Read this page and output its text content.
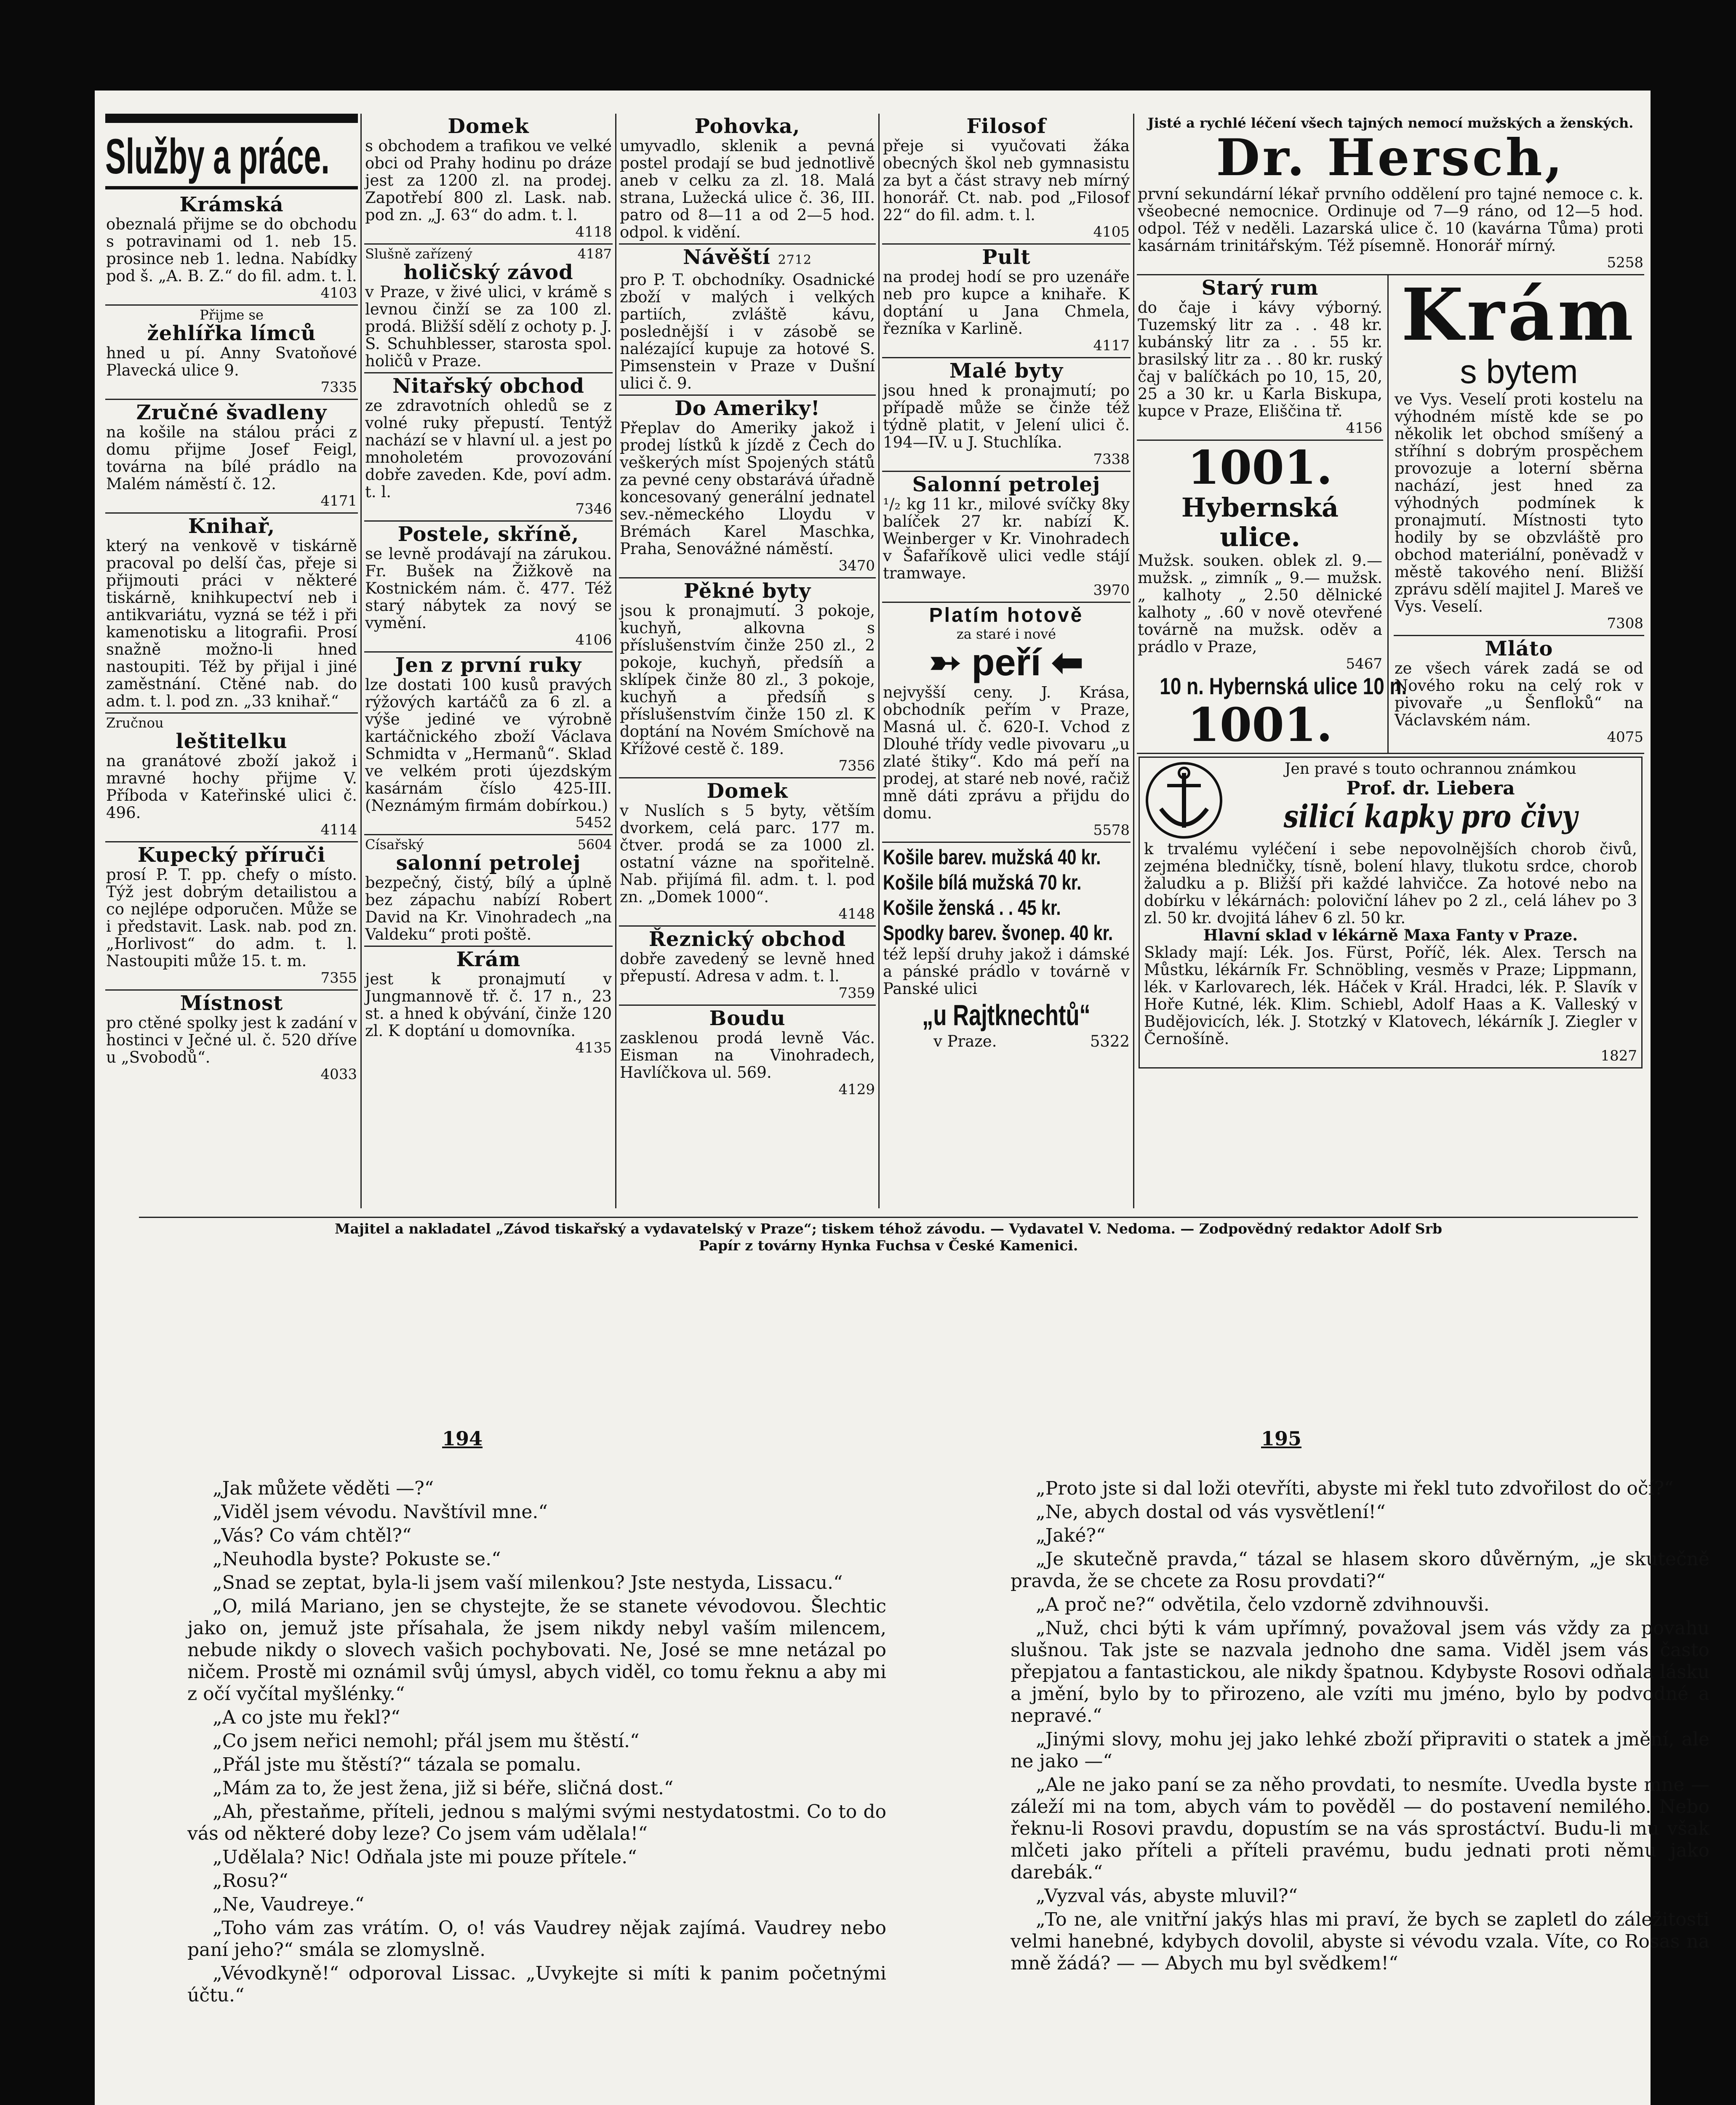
Služby a práce.
Krámská
obeznalá přijme se do obchodu s potravinami od 1. neb 15. prosince neb 1. ledna. Nabídky pod š. „A. B. Z.“ do fil. adm. t. l.
4103
Přijme se
žehlířka límců
hned u pí. Anny Svatoňové Plavecká ulice 9.
7335
Zručné švadleny
na košile na stálou práci z domu přijme Josef Feigl, továrna na bílé prádlo na Malém náměstí č. 12.
4171
Knihař,
který na venkově v tiskárně pracoval po delší čas, přeje si přijmouti práci v některé tiskárně, knihkupectví neb i antikvariátu, vyzná se též i při kamenotisku a litografii. Prosí snažně možno-li hned nastoupiti. Též by přijal i jiné zaměstnání. Ctěné nab. do adm. t. l. pod zn. „33 knihař.“
Zručnou
leštitelku
na granátové zboží jakož i mravné hochy přijme V. Příboda v Kateřinské ulici č. 496.
4114
Kupecký příruči
prosí P. T. pp. chefy o místo. Týž jest dobrým detailistou a co nejlépe odporučen. Může se i představit. Lask. nab. pod zn. „Horlivost“ do adm. t. l. Nastoupiti může 15. t. m.
7355
Místnost
pro ctěné spolky jest k zadání v hostinci v Ječné ul. č. 520 dříve u „Svobodů“.
4033
Domek
s obchodem a trafikou ve velké obci od Prahy hodinu po dráze jest za 1200 zl. na prodej. Zapotřebí 800 zl. Lask. nab. pod zn. „J. 63“ do adm. t. l.
4118
Slušně zařízený	4187
holičský závod
v Praze, v živé ulici, v krámě s levnou činží se za 100 zl. prodá. Bližší sdělí z ochoty p. J. S. Schuhblesser, starosta spol. holičů v Praze.
Nitařský obchod
ze zdravotních ohledů se z volné ruky přepustí. Tentýž nachází se v hlavní ul. a jest po mnoholetém provozování dobře zaveden. Kde, poví adm. t. l.
7346
Postele, skříně,
se levně prodávají na zárukou. Fr. Bušek na Žižkově na Kostnickém nám. č. 477. Též starý nábytek za nový se vymění.
4106
Jen z první ruky
lze dostati 100 kusů pravých rýžových kartáčů za 6 zl. a výše jediné ve výrobně kartáčnického zboží Václava Schmidta v „Hermanů“. Sklad ve velkém proti újezdským kasárnám číslo 425-III. (Neznámým firmám dobírkou.)
5452
Císařský	5604
salonní petrolej
bezpečný, čistý, bílý a úplně bez zápachu nabízí Robert David na Kr. Vinohradech „na Valdeku“ proti poště.
Krám
jest k pronajmutí v Jungmannově tř. č. 17 n., 23 st. a hned k obývání, činže 120 zl. K doptání u domovníka.
4135
Pohovka,
umyvadlo, sklenik a pevná postel prodají se bud jednotlivě aneb v celku za zl. 18. Malá strana, Lužecká ulice č. 36, III. patro od 8—11 a od 2—5 hod. odpol. k vidění.
Návěští 2712
pro P. T. obchodníky. Osadnické zboží v malých i velkých partiích, zvláště kávu, poslednější i v zásobě se nalézající kupuje za hotové S. Pimsenstein v Praze v Dušní ulici č. 9.
Do Ameriky!
Přeplav do Ameriky jakož i prodej lístků k jízdě z Čech do veškerých míst Spojených států za pevné ceny obstarává úřadně koncesovaný generální jednatel sev.-německého Lloydu v Brémách Karel Maschka, Praha, Senovážné náměstí.
3470
Pěkné byty
jsou k pronajmutí. 3 pokoje, kuchyň, alkovna s příslušenstvím činže 250 zl., 2 pokoje, kuchyň, předsíň a sklípek činže 80 zl., 3 pokoje, kuchyň a předsíň s příslušenstvím činže 150 zl. K doptání na Novém Smíchově na Křížové cestě č. 189.
7356
Domek
v Nuslích s 5 byty, větším dvorkem, celá parc. 177 m. čtver. prodá se za 1000 zl. ostatní vázne na spořitelně. Nab. přijímá fil. adm. t. l. pod zn. „Domek 1000“.
4148
Řeznický obchod
dobře zavedený se levně hned přepustí. Adresa v adm. t. l.
7359
Boudu
zasklenou prodá levně Vác. Eisman na Vinohradech, Havlíčkova ul. 569.
4129
Filosof
přeje si vyučovati žáka obecných škol neb gymnasistu za byt a část stravy neb mírný honorář. Ct. nab. pod „Filosof 22“ do fil. adm. t. l.
4105
Pult
na prodej hodí se pro uzenáře neb pro kupce a knihaře. K doptání u Jana Chmela, řezníka v Karlině.
4117
Malé byty
jsou hned k pronajmutí; po případě může se činže též týdně platit, v Jelení ulici č. 194—IV. u J. Stuchlíka.
7338
Salonní petrolej
¹/₂ kg 11 kr., milové svíčky 8ky balíček 27 kr. nabízí K. Weinberger v Kr. Vinohradech v Šafaříkově ulici vedle stájí tramwaye.
3970
Platím hotově
za staré i nové
➳ peří ⬅
nejvyšší ceny. J. Krása, obchodník peřím v Praze, Masná ul. č. 620-I. Vchod z Dlouhé třídy vedle pivovaru „u zlaté štiky“. Kdo má peří na prodej, at staré neb nové, račiž mně dáti zprávu a přijdu do domu.
5578
Košile barev. mužská 40 kr.
Košile bílá mužská 70 kr.
Košile ženská . . 45 kr.
Spodky barev. švonep. 40 kr.
též lepší druhy jakož i dámské a pánské prádlo v továrně v Panské ulici
„u Rajtknechtů“
v Praze.	5322
Jisté a rychlé léčení všech tajných nemocí mužských a ženských.
Dr. Hersch,
první sekundární lékař prvního oddělení pro tajné nemoce c. k. všeobecné nemocnice. Ordinuje od 7—9 ráno, od 12—5 hod. odpol. Též v neděli. Lazarská ulice č. 10 (kavárna Tůma) proti kasárnám trinitářským. Též písemně. Honorář mírný.
5258
Starý rum
do čaje i kávy výborný. Tuzemský litr za . . 48 kr. kubánský litr za . . 55 kr. brasilský litr za . . 80 kr. ruský čaj v balíčkách po 10, 15, 20, 25 a 30 kr. u Karla Biskupa, kupce v Praze, Eliščina tř.
4156
1001.
Hybernská ulice.
Mužsk. souken. oblek zl. 9.— mužsk. „ zimník „ 9.— mužsk. „ kalhoty „ 2.50 dělnické kalhoty „ .60 v nově otevřené továrně na mužsk. oděv a prádlo v Praze,
5467
10 n. Hybernská ulice 10 n.
1001.
Krám
s bytem
ve Vys. Veselí proti kostelu na výhodném místě kde se po několik let obchod smíšený a stříhní s dobrým prospěchem provozuje a loterní sběrna nachází, jest hned za výhodných podmínek k pronajmutí. Místnosti tyto hodily by se obzvláště pro obchod materiální, poněvadž v městě takového není. Bližší zprávu sdělí majitel J. Mareš ve Vys. Veselí.
7308
Mláto
ze všech várek zadá se od Nového roku na celý rok v pivovaře „u Šenfloků“ na Václavském nám.
4075
Jen pravé s touto ochrannou známkou
Prof. dr. Liebera
silicí kapky pro čivy
k trvalému vyléčení i sebe nepovolnějších chorob čivů, zejména bledničky, tísně, bolení hlavy, tlukotu srdce, chorob žaludku a p. Bližší při každé lahvičce. Za hotové nebo na dobírku v lékárnách: poloviční láhev po 2 zl., celá láhev po 3 zl. 50 kr. dvojitá láhev 6 zl. 50 kr.
Hlavní sklad v lékárně Maxa Fanty v Praze.
Sklady mají: Lék. Jos. Fürst, Poříč, lék. Alex. Tersch na Můstku, lékárník Fr. Schnöbling, vesměs v Praze; Lippmann, lék. v Karlovarech, lék. Háček v Král. Hradci, lék. P. Slavík v Hoře Kutné, lék. Klim. Schiebl, Adolf Haas a K. Valleský v Budějovicích, lék. J. Stotzký v Klatovech, lékárník J. Ziegler v Černošíně.
1827
Majitel a nakladatel „Závod tiskařský a vydavatelský v Praze“; tiskem téhož závodu. — Vydavatel V. Nedoma. — Zodpovědný redaktor Adolf Srb
Papír z továrny Hynka Fuchsa v České Kamenici.
194	195

„Jak můžete věděti —?“

„Viděl jsem vévodu. Navštívil mne.“

„Vás? Co vám chtěl?“

„Neuhodla byste? Pokuste se.“

„Snad se zeptat, byla-li jsem vaší milenkou? Jste nestyda, Lissacu.“

„O, milá Mariano, jen se chystejte, že se stanete vévodovou. Šlechtic jako on, jemuž jste přísahala, že jsem nikdy nebyl vaším milencem, nebude nikdy o slovech vašich pochybovati. Ne, José se mne netázal po ničem. Prostě mi oznámil svůj úmysl, abych viděl, co tomu řeknu a aby mi z očí vyčítal myšlénky.“

„A co jste mu řekl?“

„Co jsem neřici nemohl; přál jsem mu štěstí.“

„Přál jste mu štěstí?“ tázala se pomalu.

„Mám za to, že jest žena, již si béře, sličná dost.“

„Ah, přestaňme, příteli, jednou s malými svými nestydatostmi. Co to do vás od některé doby leze? Co jsem vám udělala!“

„Udělala? Nic! Odňala jste mi pouze přítele.“

„Rosu?“

„Ne, Vaudreye.“

„Toho vám zas vrátím. O, o! vás Vaudrey nějak zajímá. Vaudrey nebo paní jeho?“ smála se zlomyslně.

„Vévodkyně!“ odporoval Lissac. „Uvykejte si míti k panim početnými účtu.“

„Proto jste si dal loži otevříti, abyste mi řekl tuto zdvořilost do očí?“

„Ne, abych dostal od vás vysvětlení!“

„Jaké?“

„Je skutečně pravda,“ tázal se hlasem skoro důvěrným, „je skutečně pravda, že se chcete za Rosu provdati?“

„A proč ne?“ odvětila, čelo vzdorně zdvihnouvši.

„Nuž, chci býti k vám upřímný, považoval jsem vás vždy za povahu slušnou. Tak jste se nazvala jednoho dne sama. Viděl jsem vás často přepjatou a fantastickou, ale nikdy špatnou. Kdybyste Rosovi odňala lásku a jmění, bylo by to přirozeno, ale vzíti mu jméno, bylo by podvodné a nepravé.“

„Jinými slovy, mohu jej jako lehké zboží připraviti o statek a jmění, ale ne jako —“

„Ale ne jako paní se za něho provdati, to nesmíte. Uvedla byste mne — záleží mi na tom, abych vám to pověděl — do postavení nemilého. Nebo řeknu-li Rosovi pravdu, dopustím se na vás sprostáctví. Budu-li mu však mlčeti jako příteli a příteli pravému, budu jednati proti němu jako darebák.“

„Vyzval vás, abyste mluvil?“

„To ne, ale vnitřní jakýs hlas mi praví, že bych se zapletl do záležitosti velmi hanebné, kdybych dovolil, abyste si vévodu vzala. Víte, co Rosas na mně žádá? — — Abych mu byl svědkem!“
